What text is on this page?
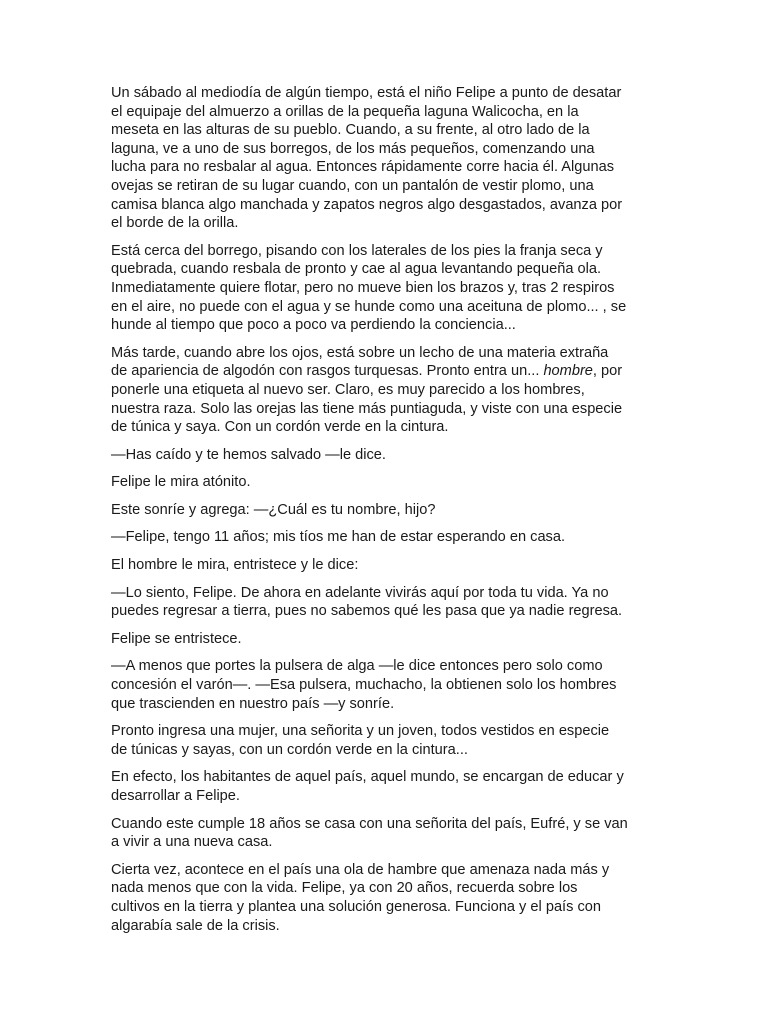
Un sábado al mediodía de algún tiempo, está el niño Felipe a punto de desatar
el equipaje del almuerzo a orillas de la pequeña laguna Walicocha, en la
meseta en las alturas de su pueblo. Cuando, a su frente, al otro lado de la
laguna, ve a uno de sus borregos, de los más pequeños, comenzando una
lucha para no resbalar al agua. Entonces rápidamente corre hacia él. Algunas
ovejas se retiran de su lugar cuando, con un pantalón de vestir plomo, una
camisa blanca algo manchada y zapatos negros algo desgastados, avanza por
el borde de la orilla.

Está cerca del borrego, pisando con los laterales de los pies la franja seca y
quebrada, cuando resbala de pronto y cae al agua levantando pequeña ola.
Inmediatamente quiere flotar, pero no mueve bien los brazos y, tras 2 respiros
en el aire, no puede con el agua y se hunde como una aceituna de plomo... , se
hunde al tiempo que poco a poco va perdiendo la conciencia...

Más tarde, cuando abre los ojos, está sobre un lecho de una materia extraña
de apariencia de algodón con rasgos turquesas. Pronto entra un... hombre, por
ponerle una etiqueta al nuevo ser. Claro, es muy parecido a los hombres,
nuestra raza. Solo las orejas las tiene más puntiaguda, y viste con una especie
de túnica y saya. Con un cordón verde en la cintura.

—Has caído y te hemos salvado —le dice.

Felipe le mira atónito.

Este sonríe y agrega: —¿Cuál es tu nombre, hijo?

—Felipe, tengo 11 años; mis tíos me han de estar esperando en casa.

El hombre le mira, entristece y le dice:

—Lo siento, Felipe. De ahora en adelante vivirás aquí por toda tu vida. Ya no
puedes regresar a tierra, pues no sabemos qué les pasa que ya nadie regresa.

Felipe se entristece.

—A menos que portes la pulsera de alga —le dice entonces pero solo como
concesión el varón—. —Esa pulsera, muchacho, la obtienen solo los hombres
que trascienden en nuestro país —y sonríe.

Pronto ingresa una mujer, una señorita y un joven, todos vestidos en especie
de túnicas y sayas, con un cordón verde en la cintura...

En efecto, los habitantes de aquel país, aquel mundo, se encargan de educar y
desarrollar a Felipe.

Cuando este cumple 18 años se casa con una señorita del país, Eufré, y se van
a vivir a una nueva casa.

Cierta vez, acontece en el país una ola de hambre que amenaza nada más y
nada menos que con la vida. Felipe, ya con 20 años, recuerda sobre los
cultivos en la tierra y plantea una solución generosa. Funciona y el país con
algarabía sale de la crisis.
